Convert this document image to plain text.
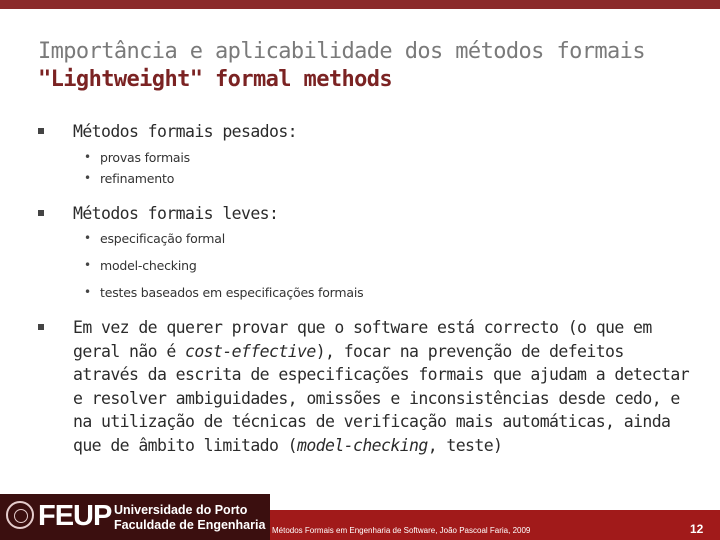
Importância e aplicabilidade dos métodos formais
"Lightweight" formal methods
Métodos formais pesados:
• provas formais
• refinamento
Métodos formais leves:
• especificação formal
• model-checking
• testes baseados em especificações formais
Em vez de querer provar que o software está correcto (o que em geral não é cost-effective), focar na prevenção de defeitos através da escrita de especificações formais que ajudam a detectar e resolver ambiguidades, omissões e inconsistências desde cedo, e na utilização de técnicas de verificação mais automáticas, ainda que de âmbito limitado (model-checking, teste)
FEUP Universidade do Porto
Faculdade de Engenharia Métodos Formais em Engenharia de Software, João Pascoal Faria, 2009	12
